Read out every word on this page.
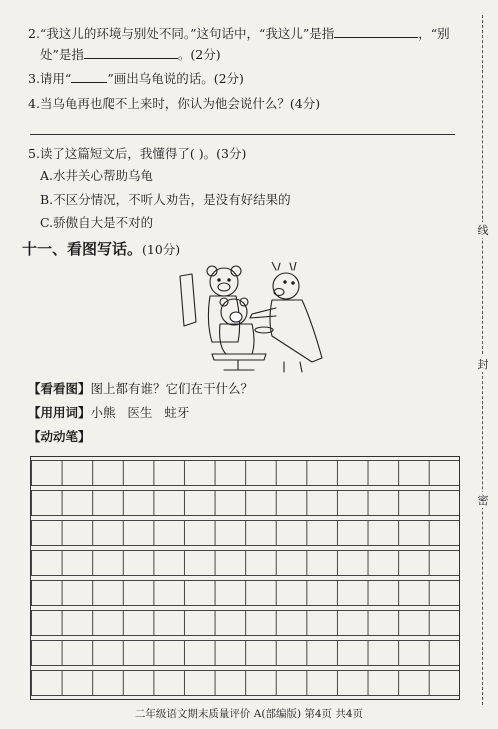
2.“我这儿的环境与别处不同。”这句话中，“我这儿”是指	，“别
处”是指	。(2分)
3.请用“	”画出乌龟说的话。(2分)
4.当乌龟再也爬不上来时，你认为他会说什么？(4分)
5.读了这篇短文后，我懂得了( )。(3分)
A.水井关心帮助乌龟
B.不区分情况，不听人劝告，是没有好结果的
C.骄傲自大是不对的
十一、看图写话。(10分)
【看看图】图上都有谁？它们在干什么？
【用用词】小熊   医生   蛀牙
【动动笔】
线
封
密
二年级语文期末质量评价 A(部编版) 第4页 共4页
